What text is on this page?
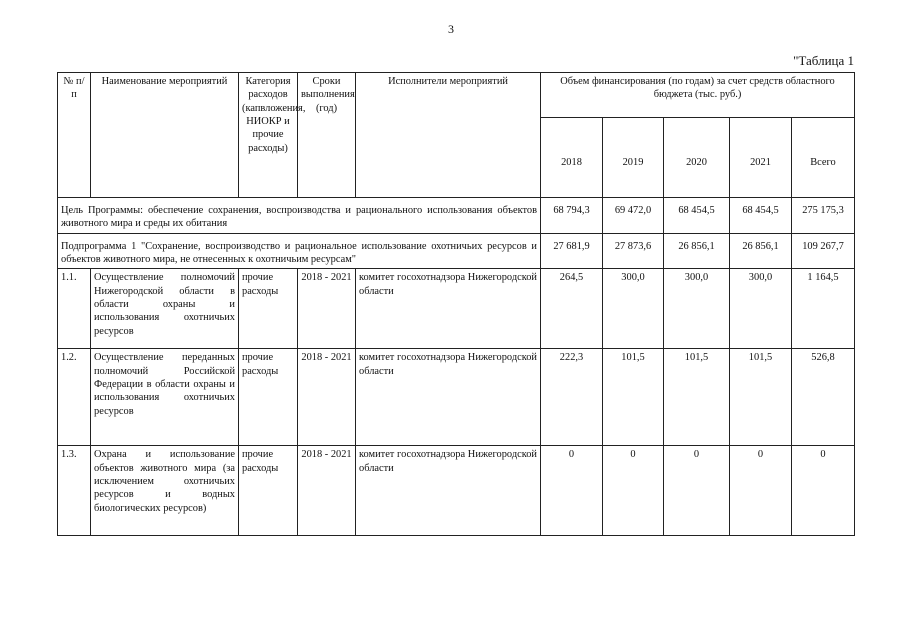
3
"Таблица 1
№ п/п	Наименование мероприятий	Категория расходов (капвложения, НИОКР и прочие расходы)	Сроки выполнения (год)	Исполнители мероприятий	Объем финансирования (по годам) за счет средств областного бюджета (тыс. руб.)				
					2018	2019	2020	2021	Всего
Цель Программы: обеспечение сохранения, воспроизводства и рационального использования объектов животного мира и среды их обитания					68 794,3	69 472,0	68 454,5	68 454,5	275 175,3
Подпрограмма 1 "Сохранение, воспроизводство и рациональное использование охотничьих ресурсов и объектов животного мира, не отнесенных к охотничьим ресурсам"					27 681,9	27 873,6	26 856,1	26 856,1	109 267,7
1.1.	Осуществление полномочий Нижегородской области в области охраны и использования охотничьих ресурсов	прочие расходы	2018 - 2021	комитет госохотнадзора Нижегородской области	264,5	300,0	300,0	300,0	1 164,5
1.2.	Осуществление переданных полномочий Российской Федерации в области охраны и использования охотничьих ресурсов	прочие расходы	2018 - 2021	комитет госохотнадзора Нижегородской области	222,3	101,5	101,5	101,5	526,8
1.3.	Охрана и использование объектов животного мира (за исключением охотничьих ресурсов и водных биологических ресурсов)	прочие расходы	2018 - 2021	комитет госохотнадзора Нижегородской области	0	0	0	0	0
